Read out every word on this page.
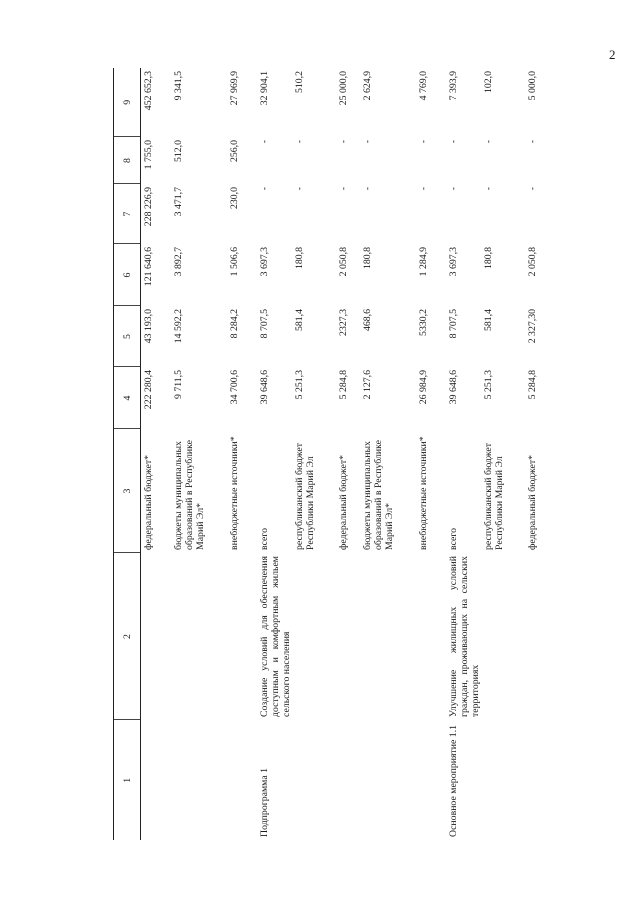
2
1	2	3	4	5	6	7	8	9
		федеральный бюджет*	222 280,4	43 193,0	121 640,6	228 226,9	1 755,0	452 652,3
		бюджеты муниципальных образований в Республике Марий Эл*	9 711,5	14 592,2	3 892,7	3 471,7	512,0	9 341,5
		внебюджетные источники*	34 700,6	8 284,2	1 506,6	230,0	256,0	27 969,9
Подпрограмма 1	Создание условий для обеспечения доступным и комфортным жильем сельского населения	всего	39 648,6	8 707,5	3 697,3	-	-	32 904,1
		республиканский бюджет Республики Марий Эл	5 251,3	581,4	180,8	-	-	510,2
		федеральный бюджет*	5 284,8	2327,3	2 050,8	-	-	25 000,0
		бюджеты муниципальных образований в Республике Марий Эл*	2 127,6	468,6	180,8	-	-	2 624,9
		внебюджетные источники*	26 984,9	5330,2	1 284,9	-	-	4 769,0
Основное мероприятие 1.1	Улучшение жилищных условий граждан, проживающих на сельских территориях	всего	39 648,6	8 707,5	3 697,3	-	-	7 393,9
		республиканский бюджет Республики Марий Эл	5 251,3	581,4	180,8	-	-	102,0
		федеральный бюджет*	5 284,8	2 327,30	2 050,8	-	-	5 000,0
